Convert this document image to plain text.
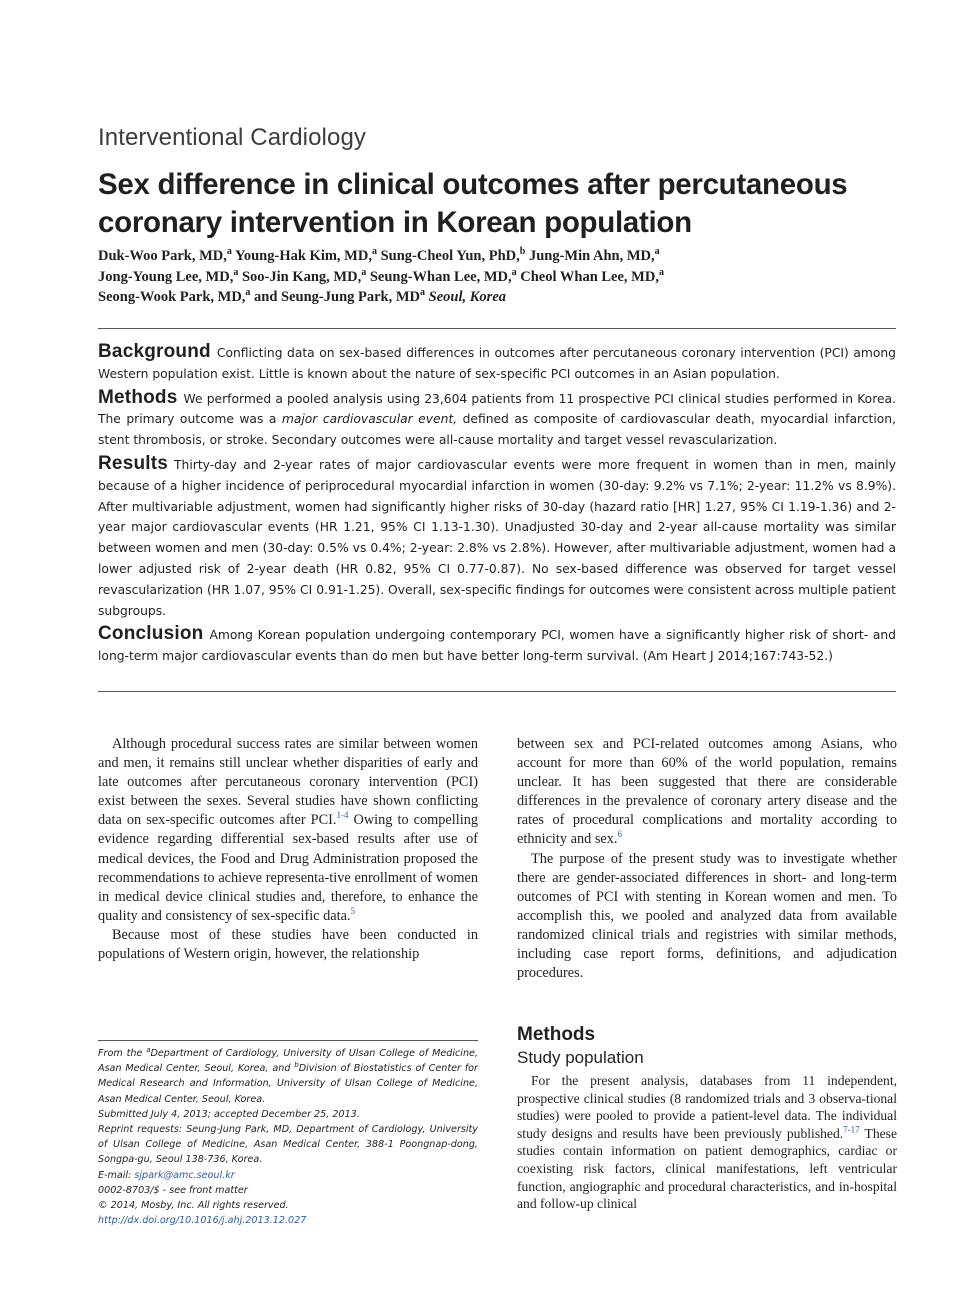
Interventional Cardiology
Sex difference in clinical outcomes after percutaneous coronary intervention in Korean population
Duk-Woo Park, MD,$^a$ Young-Hak Kim, MD,$^a$ Sung-Cheol Yun, PhD,$^b$ Jung-Min Ahn, MD,$^a$
Jong-Young Lee, MD,$^a$ Soo-Jin Kang, MD,$^a$ Seung-Whan Lee, MD,$^a$ Cheol Whan Lee, MD,$^a$
Seong-Wook Park, MD,$^a$ and Seung-Jung Park, MD$^a$ Seoul, Korea

Background Conflicting data on sex-based differences in outcomes after percutaneous coronary intervention (PCI) among Western population exist. Little is known about the nature of sex-specific PCI outcomes in an Asian population.

Methods We performed a pooled analysis using 23,604 patients from 11 prospective PCI clinical studies performed in Korea. The primary outcome was a major cardiovascular event, defined as composite of cardiovascular death, myocardial infarction, stent thrombosis, or stroke. Secondary outcomes were all-cause mortality and target vessel revascularization.

Results Thirty-day and 2-year rates of major cardiovascular events were more frequent in women than in men, mainly because of a higher incidence of periprocedural myocardial infarction in women (30-day: 9.2% vs 7.1%; 2-year: 11.2% vs 8.9%). After multivariable adjustment, women had significantly higher risks of 30-day (hazard ratio [HR] 1.27, 95% CI 1.19-1.36) and 2-year major cardiovascular events (HR 1.21, 95% CI 1.13-1.30). Unadjusted 30-day and 2-year all-cause mortality was similar between women and men (30-day: 0.5% vs 0.4%; 2-year: 2.8% vs 2.8%). However, after multivariable adjustment, women had a lower adjusted risk of 2-year death (HR 0.82, 95% CI 0.77-0.87). No sex-based difference was observed for target vessel revascularization (HR 1.07, 95% CI 0.91-1.25). Overall, sex-specific findings for outcomes were consistent across multiple patient subgroups.

Conclusion Among Korean population undergoing contemporary PCI, women have a significantly higher risk of short- and long-term major cardiovascular events than do men but have better long-term survival. (Am Heart J 2014;167:743-52.)

Although procedural success rates are similar between women and men, it remains still unclear whether disparities of early and late outcomes after percutaneous coronary intervention (PCI) exist between the sexes. Several studies have shown conflicting data on sex-specific outcomes after PCI.$^{1-4}$ Owing to compelling evidence regarding differential sex-based results after use of medical devices, the Food and Drug Administration proposed the recommendations to achieve representa-tive enrollment of women in medical device clinical studies and, therefore, to enhance the quality and consistency of sex-specific data.$^5$

Because most of these studies have been conducted in populations of Western origin, however, the relationship

between sex and PCI-related outcomes among Asians, who account for more than 60% of the world population, remains unclear. It has been suggested that there are considerable differences in the prevalence of coronary artery disease and the rates of procedural complications and mortality according to ethnicity and sex.$^6$

The purpose of the present study was to investigate whether there are gender-associated differences in short- and long-term outcomes of PCI with stenting in Korean women and men. To accomplish this, we pooled and analyzed data from available randomized clinical trials and registries with similar methods, including case report forms, definitions, and adjudication procedures.

Methods
Study population

For the present analysis, databases from 11 independent, prospective clinical studies (8 randomized trials and 3 observa-tional studies) were pooled to provide a patient-level data. The individual study designs and results have been previously published.$^{7-17}$ These studies contain information on patient demographics, cardiac or coexisting risk factors, clinical manifestations, left ventricular function, angiographic and procedural characteristics, and in-hospital and follow-up clinical

From the $^a$Department of Cardiology, University of Ulsan College of Medicine, Asan Medical Center, Seoul, Korea, and $^b$Division of Biostatistics of Center for Medical Research and Information, University of Ulsan College of Medicine, Asan Medical Center, Seoul, Korea.
Submitted July 4, 2013; accepted December 25, 2013.
Reprint requests: Seung-Jung Park, MD, Department of Cardiology, University of Ulsan College of Medicine, Asan Medical Center, 388-1 Poongnap-dong, Songpa-gu, Seoul 138-736, Korea.
E-mail: sjpark@amc.seoul.kr
0002-8703/$ - see front matter
© 2014, Mosby, Inc. All rights reserved.
http://dx.doi.org/10.1016/j.ahj.2013.12.027
